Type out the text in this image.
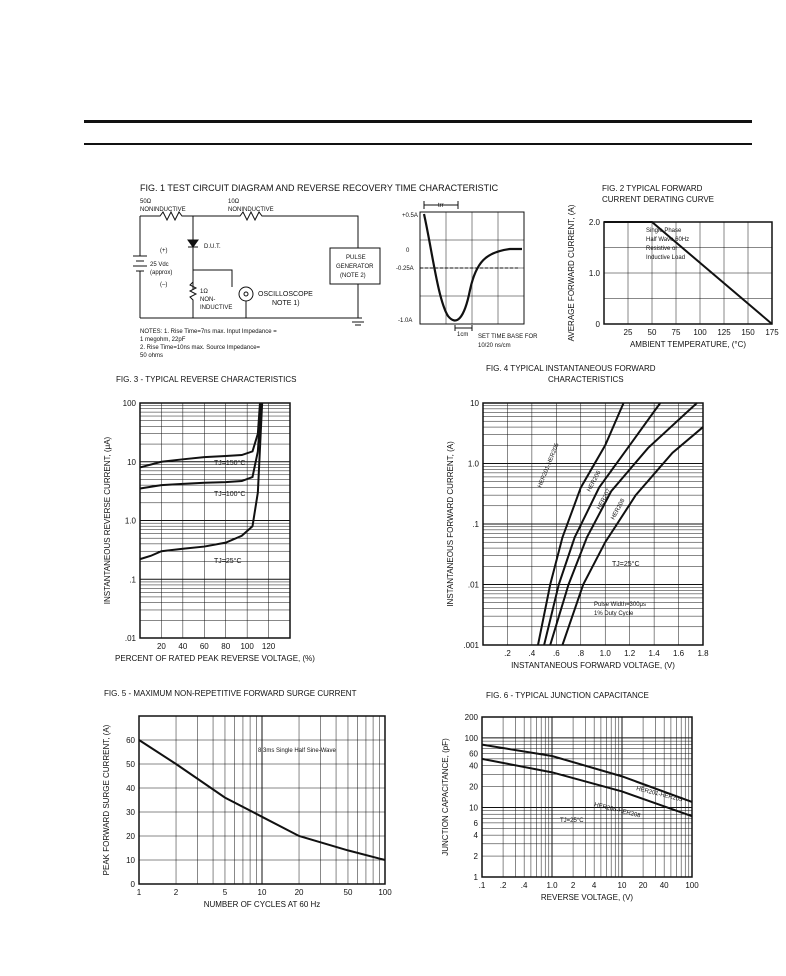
FIG. 1 TEST CIRCUIT DIAGRAM AND REVERSE RECOVERY TIME CHARACTERISTIC
50Ω
NONINDUCTIVE
10Ω
NONINDUCTIVE
D.U.T.
(+)
25 Vdc
(approx)
(–)
1Ω
NON-
INDUCTIVE
OSCILLOSCOPE
NOTE 1)
PULSE
GENERATOR
(NOTE 2)
NOTES: 1. Rise Time=7ns max. Input Impedance =
1 megohm, 22pF
2. Rise Time=10ns max. Source Impedance=
50 ohms
+0.5A
0
-0.25A
-1.0A
trr
1cm SET TIME BASE FOR
10/20 ns/cm
FIG. 2 TYPICAL FORWARD
CURRENT DERATING CURVE
Single Phase
Half Wave 60Hz
Resistive or
Inductive Load
25 50 75 100 125 150 175
2.0
1.0
0
AMBIENT TEMPERATURE, (°C)
AVERAGE FORWARD CURRENT, (A)
FIG. 3 - TYPICAL REVERSE CHARACTERISTICS
20 40 60 80 100 120
100
10
1.0
.1
.01
PERCENT OF RATED PEAK REVERSE VOLTAGE, (%)
INSTANTANEOUS REVERSE CURRENT, (μA)	TJ=150°C
TJ=100°C
TJ=25°C
FIG. 4 TYPICAL INSTANTANEOUS FORWARD
CHARACTERISTICS
TJ=25°C
Pulse Width=300μs
1% Duty Cycle
.2 .4 .6 .8 1.0 1.2 1.4 1.6 1.8
10
1.0
.1
.01
.001
INSTANTANEOUS FORWARD VOLTAGE, (V)
INSTANTANEOUS FORWARD CURRENT, (A)	HER201-HER205	HER206
HER207
HER208
FIG. 5 - MAXIMUM NON-REPETITIVE FORWARD SURGE CURRENT
8.3ms Single Half Sine-Wave
1	2	5	10	20	50	100
60
50
40
30
20
10
0
NUMBER OF CYCLES AT 60 Hz
PEAK FORWARD SURGE CURRENT, (A)
FIG. 6 - TYPICAL JUNCTION CAPACITANCE
TJ=25°C
.1 .2 .4 1.0 2 4	10 20 40 100
200
100
60
40
20
10
6
4
2
1
REVERSE VOLTAGE, (V)
JUNCTION CAPACITANCE, (pF)	HER201-HER205
HER206-HER208
